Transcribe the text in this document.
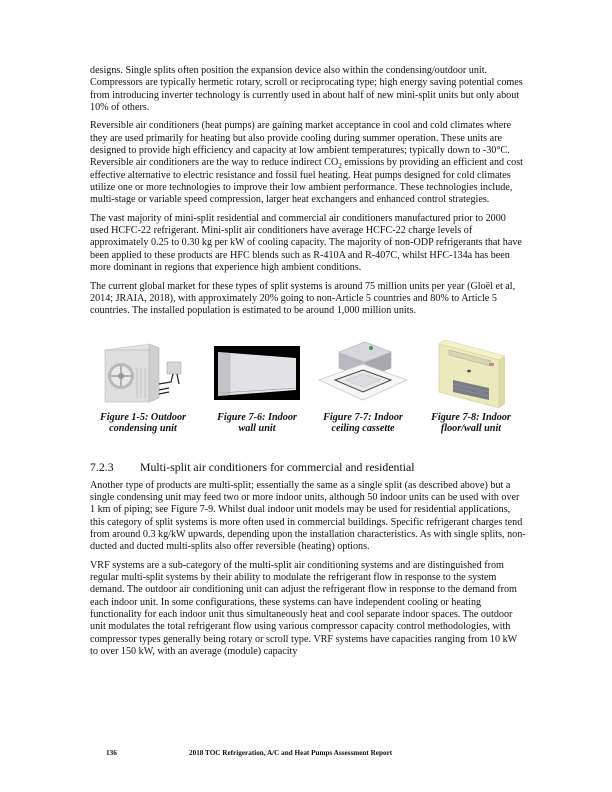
designs. Single splits often position the expansion device also within the condensing/outdoor unit. Compressors are typically hermetic rotary, scroll or reciprocating type; high energy saving potential comes from introducing inverter technology is currently used in about half of new mini-split units but only about 10% of others.

Reversible air conditioners (heat pumps) are gaining market acceptance in cool and cold climates where they are used primarily for heating but also provide cooling during summer operation. These units are designed to provide high efficiency and capacity at low ambient temperatures; typically down to -30°C. Reversible air conditioners are the way to reduce indirect $CO_2$ emissions by providing an efficient and cost effective alternative to electric resistance and fossil fuel heating. Heat pumps designed for cold climates utilize one or more technologies to improve their low ambient performance. These technologies include, multi-stage or variable speed compression, larger heat exchangers and enhanced control strategies.

The vast majority of mini-split residential and commercial air conditioners manufactured prior to 2000 used HCFC-22 refrigerant. Mini-split air conditioners have average HCFC-22 charge levels of approximately 0.25 to 0.30 kg per kW of cooling capacity. The majority of non-ODP refrigerants that have been applied to these products are HFC blends such as R-410A and R-407C, whilst HFC-134a has been more dominant in regions that experience high ambient conditions.

The current global market for these types of split systems is around 75 million units per year (Gloël et al, 2014; JRAIA, 2018), with approximately 20% going to non-Article 5 countries and 80% to Article 5 countries. The installed population is estimated to be around 1,000 million units.

Figure 1-5: Outdoor
condensing unit
Figure 7-6: Indoor
wall unit
Figure 7-7: Indoor
ceiling cassette
Figure 7-8: Indoor
floor/wall unit
7.2.3 Multi-split air conditioners for commercial and residential

Another type of products are multi-split; essentially the same as a single split (as described above) but a single condensing unit may feed two or more indoor units, although 50 indoor units can be used with over 1 km of piping; see Figure 7-9. Whilst dual indoor unit models may be used for residential applications, this category of split systems is more often used in commercial buildings. Specific refrigerant charges tend from around 0.3 kg/kW upwards, depending upon the installation characteristics. As with single splits, non-ducted and ducted multi-splits also offer reversible (heating) options.

VRF systems are a sub-category of the multi-split air conditioning systems and are distinguished from regular multi-split systems by their ability to modulate the refrigerant flow in response to the system demand. The outdoor air conditioning unit can adjust the refrigerant flow in response to the demand from each indoor unit. In some configurations, these systems can have independent cooling or heating functionality for each indoor unit thus simultaneously heat and cool separate indoor spaces. The outdoor unit modulates the total refrigerant flow using various compressor capacity control methodologies, with compressor types generally being rotary or scroll type. VRF systems have capacities ranging from 10 kW to over 150 kW, with an average (module) capacity

136	2018 TOC Refrigeration, A/C and Heat Pumps Assessment Report
